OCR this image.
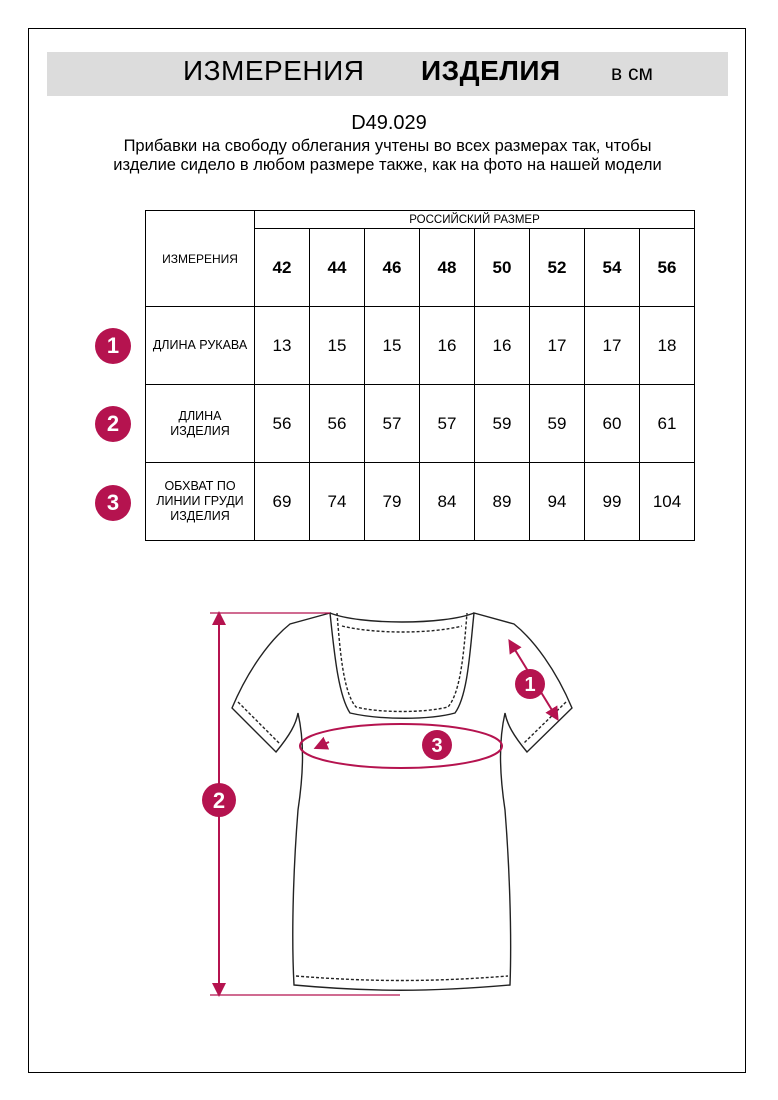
ИЗМЕРЕНИЯ ИЗДЕЛИЯ в см
D49.029
Прибавки на свободу облегания учтены во всех размерах так, чтобы изделие сидело в любом размере также, как на фото на нашей модели
ИЗМЕРЕНИЯ	РОССИЙСКИЙ РАЗМЕР							
	42	44	46	48	50	52	54	56
ДЛИНА РУКАВА	13	15	15	16	16	17	17	18
ДЛИНА ИЗДЕЛИЯ	56	56	57	57	59	59	60	61
ОБХВАТ ПО ЛИНИИ ГРУДИ ИЗДЕЛИЯ	69	74	79	84	89	94	99	104
1
2
3
2
1
3
